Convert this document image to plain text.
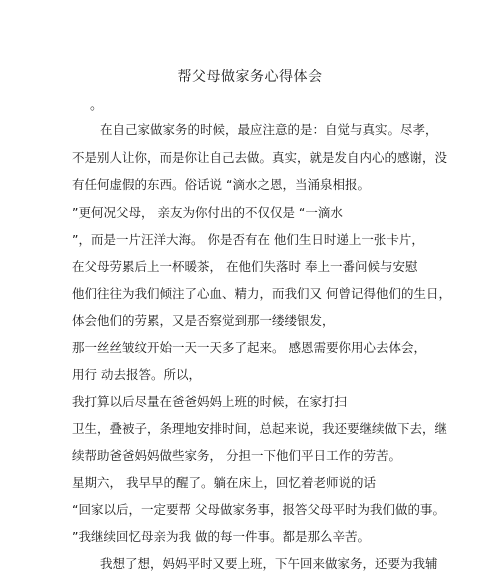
帮父母做家务心得体会
。
在自己家做家务的时候，最应注意的是：自觉与真实。尽孝，
不是别人让你，而是你让自己去做。真实，就是发自内心的感谢，没
有任何虚假的东西。俗话说 “滴水之恩，当涌泉相报。
”更何况父母， 亲友为你付出的不仅仅是 “一滴水
”，而是一片汪洋大海。 你是否有在 他们生日时递上一张卡片，
在父母劳累后上一杯暖茶， 在他们失落时 奉上一番问候与安慰
他们往往为我们倾注了心血、精力，而我们又 何曾记得他们的生日，
体会他们的劳累，又是否察觉到那一缕缕银发，
那一丝丝皱纹开始一天一天多了起来。 感恩需要你用心去体会，
用行 动去报答。所以，
我打算以后尽量在爸爸妈妈上班的时候，在家打扫
卫生，叠被子，条理地安排时间，总起来说，我还要继续做下去，继
续帮助爸爸妈妈做些家务， 分担一下他们平日工作的劳苦。
星期六， 我早早的醒了。躺在床上，回忆着老师说的话
“回家以后，一定要帮 父母做家务事，报答父母平时为我们做的事。
”我继续回忆母亲为我 做的每一件事。都是那么辛苦。
我想了想，妈妈平时又要上班，下午回来做家务，还要为我辅
